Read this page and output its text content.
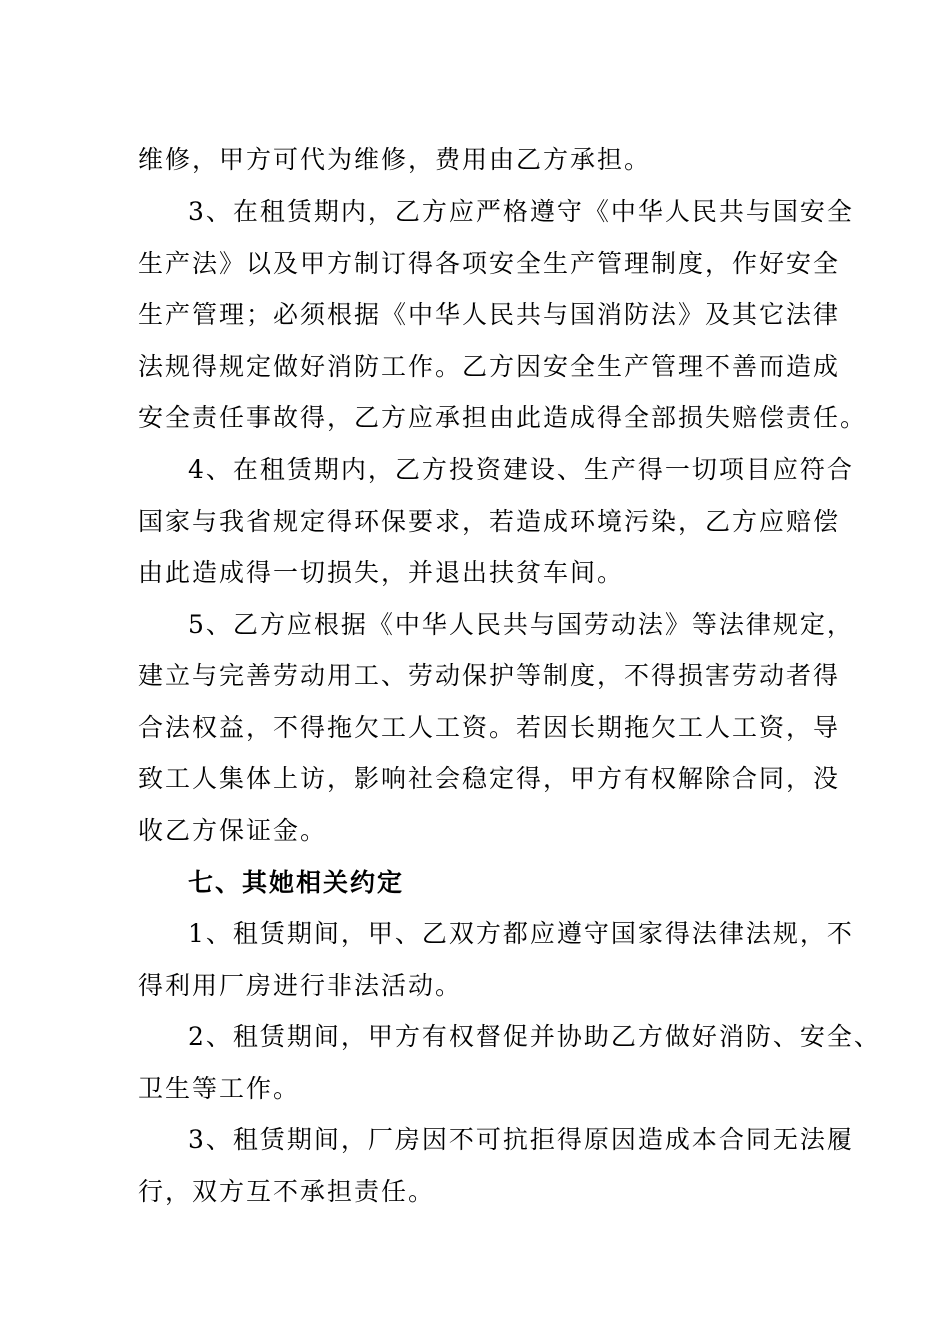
维修，甲方可代为维修，费用由乙方承担。
3、在租赁期内，乙方应严格遵守《中华人民共与国安全
生产法》以及甲方制订得各项安全生产管理制度，作好安全
生产管理；必须根据《中华人民共与国消防法》及其它法律
法规得规定做好消防工作。乙方因安全生产管理不善而造成
安全责任事故得，乙方应承担由此造成得全部损失赔偿责任。
4、在租赁期内，乙方投资建设、生产得一切项目应符合
国家与我省规定得环保要求，若造成环境污染，乙方应赔偿
由此造成得一切损失，并退出扶贫车间。
5、乙方应根据《中华人民共与国劳动法》等法律规定，
建立与完善劳动用工、劳动保护等制度，不得损害劳动者得
合法权益，不得拖欠工人工资。若因长期拖欠工人工资，导
致工人集体上访，影响社会稳定得，甲方有权解除合同，没
收乙方保证金。
七、其她相关约定
1、租赁期间，甲、乙双方都应遵守国家得法律法规，不
得利用厂房进行非法活动。
2、租赁期间，甲方有权督促并协助乙方做好消防、安全、
卫生等工作。
3、租赁期间，厂房因不可抗拒得原因造成本合同无法履
行，双方互不承担责任。
